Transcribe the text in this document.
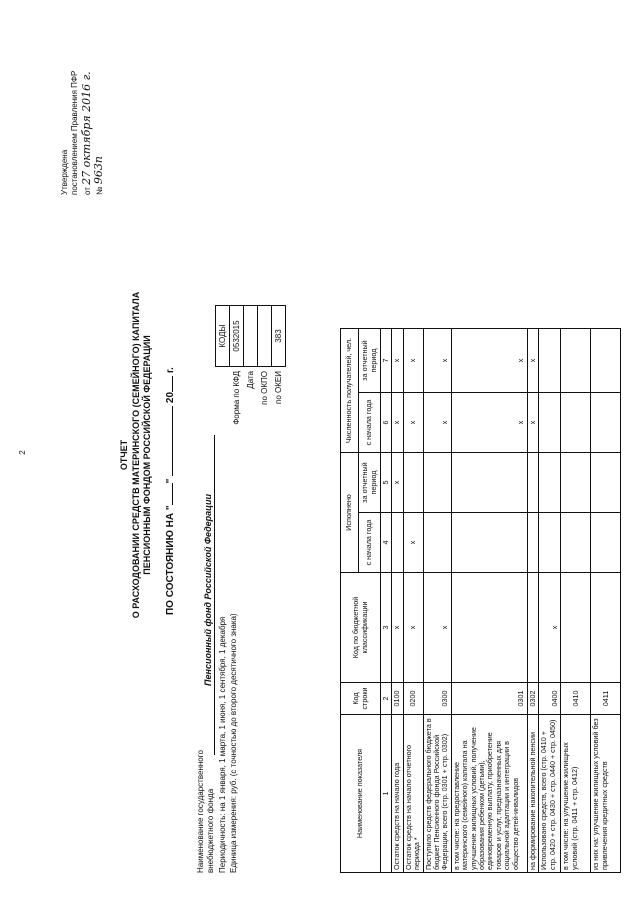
2
Утверждена постановлением Правления ПФР от 27 октября 2016 г.
№ 963п
ОТЧЕТ О РАСХОДОВАНИИ СРЕДСТВ МАТЕРИНСКОГО (СЕМЕЙНОГО) КАПИТАЛА ПЕНСИОННЫМ ФОНДОМ РОССИЙСКОЙ ФЕДЕРАЦИИ ПО СОСТОЯНИЮ НА ""  20 г.
КОДЫ
0532015

383
Форма по КФД Дата по ОКПО по ОКЕИ
Наименование государственного внебюджетного фонда
Пенсионный фонд Российской Федерации
Периодичность: на 1 января, 1 марта, 1 июня, 1 сентября, 1 декабря Единица измерения: руб. (с точностью до второго десятичного знака)	Наименование показателя	Код строки	Код по бюджетной классификации	Исполнено		Численность получателей, чел.	
			с начала года	за отчетный период	с начала года	за отчетный период
1	2	3	4	5	6	7
Остаток средств на начало года	0100	x		x	x	x
Остаток средств на начало отчетного периода *	0200	x	x		x	x
Поступило средств федерального бюджета в бюджет Пенсионного фонда Российской Федерации, всего (стр. 0301 + стр. 0302)	0300	x			x	x
в том числе: на предоставление материнского (семейного) капитала на улучшение жилищных условий, получение образования ребенком (детьми), единовременную выплату, приобретение товаров и услуг, предназначенных для социальной адаптации и интеграции в общество детей-инвалидов	0301				x	x
на формирование накопительной пенсии	0302				x	x
Использовано средств, всего (стр. 0410 + стр. 0420 + стр. 0430 + стр. 0440 + стр. 0450)	0400	x				
в том числе: на улучшение жилищных условий (стр. 0411 + стр. 0412)	0410					
из них на: улучшение жилищных условий без привлечения кредитных средств	0411					
